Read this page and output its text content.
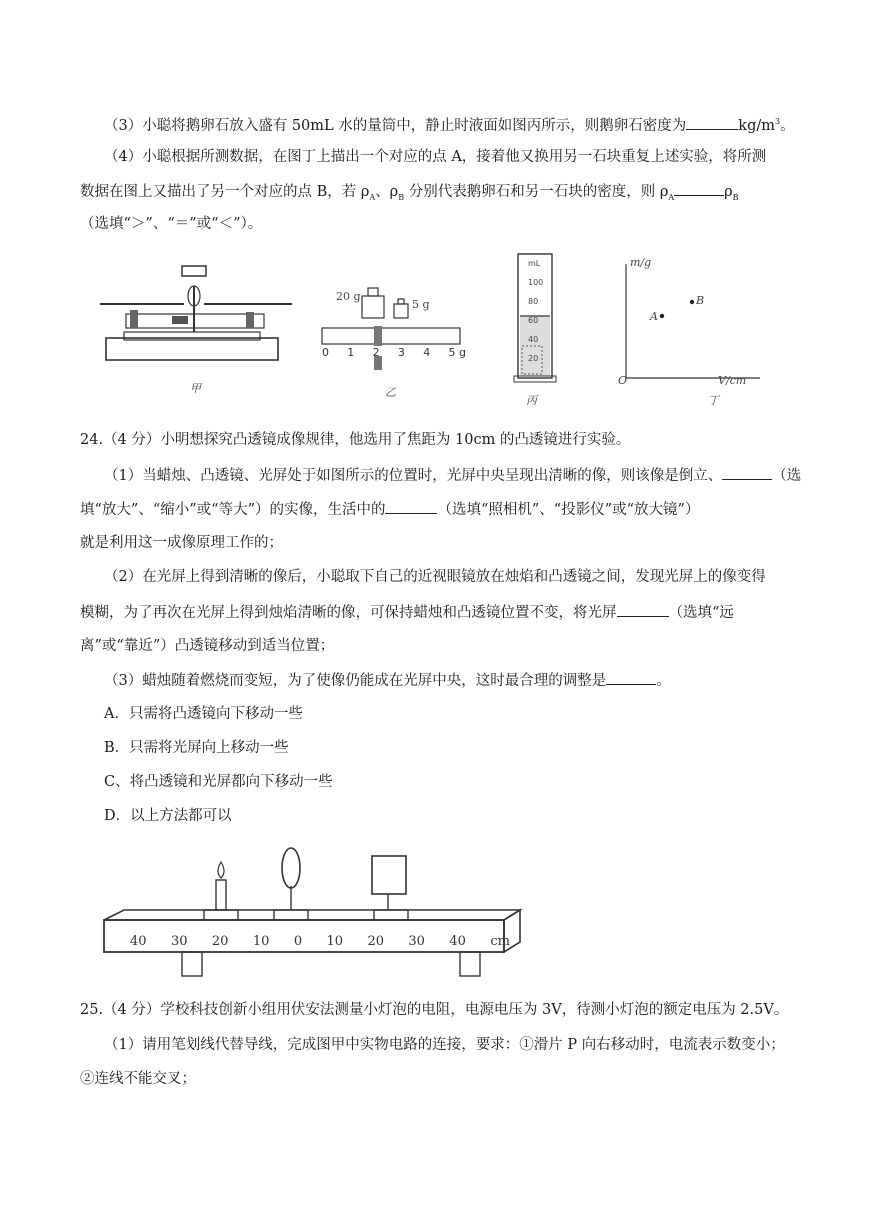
（3）小聪将鹅卵石放入盛有 50mL 水的量筒中，静止时液面如图丙所示，则鹅卵石密度为	$kg/m^3$。
（4）小聪根据所测数据，在图丁上描出一个对应的点 A，接着他又换用另一石块重复上述实验，将所测
数据在图上又描出了另一个对应的点 B，若 $\rho_A$、$\rho_B$ 分别代表鹅卵石和另一石块的密度，则 $\rho_A$	$\rho_B$
（选填“＞”、“＝”或“＜”）。
甲
20 g
5 g
0 1 2 3 4 5 g
乙
mL
100
80
60
40
20
丙
m/g
V/cm
O
A
B
丁
24.（4 分）小明想探究凸透镜成像规律，他选用了焦距为 10cm 的凸透镜进行实验。
（1）当蜡烛、凸透镜、光屏处于如图所示的位置时，光屏中央呈现出清晰的像，则该像是倒立、	（选
填“放大”、“缩小”或“等大”）的实像，生活中的	（选填“照相机”、“投影仪”或“放大镜”）
就是利用这一成像原理工作的；
（2）在光屏上得到清晰的像后，小聪取下自己的近视眼镜放在烛焰和凸透镜之间，发现光屏上的像变得
模糊，为了再次在光屏上得到烛焰清晰的像，可保持蜡烛和凸透镜位置不变，将光屏	（选填“远
离”或“靠近”）凸透镜移动到适当位置；
（3）蜡烛随着燃烧而变短，为了使像仍能成在光屏中央，这时最合理的调整是	。
A．只需将凸透镜向下移动一些
B．只需将光屏向上移动一些
C、将凸透镜和光屏都向下移动一些
D．以上方法都可以
40 30 20 10 0 10 20 30 40 cm
25.（4 分）学校科技创新小组用伏安法测量小灯泡的电阻，电源电压为 3V，待测小灯泡的额定电压为 2.5V。
（1）请用笔划线代替导线，完成图甲中实物电路的连接，要求：①滑片 P 向右移动时，电流表示数变小；
②连线不能交叉；
